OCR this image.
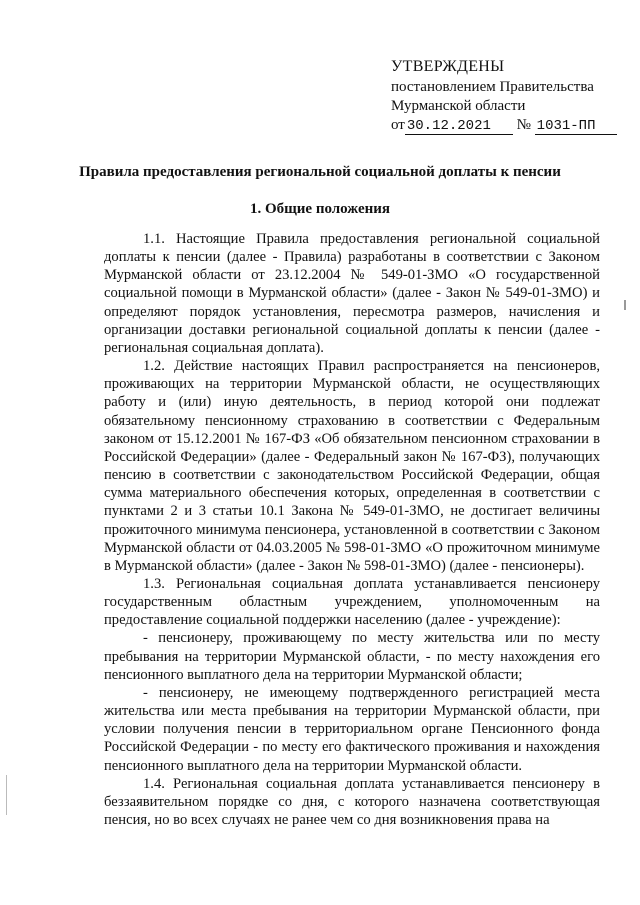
УТВЕРЖДЕНЫ
постановлением Правительства
Мурманской области
от 30.12.2021 № 1031-ПП
Правила предоставления региональной социальной доплаты к пенсии
1. Общие положения

1.1. Настоящие Правила предоставления региональной социальной доплаты к пенсии (далее - Правила) разработаны в соответствии с Законом Мурманской области от 23.12.2004 № 549-01-ЗМО «О государственной социальной помощи в Мурманской области» (далее - Закон № 549-01-ЗМО) и определяют порядок установления, пересмотра размеров, начисления и организации доставки региональной социальной доплаты к пенсии (далее - региональная социальная доплата).

1.2. Действие настоящих Правил распространяется на пенсионеров, проживающих на территории Мурманской области, не осуществляющих работу и (или) иную деятельность, в период которой они подлежат обязательному пенсионному страхованию в соответствии с Федеральным законом от 15.12.2001 № 167-ФЗ «Об обязательном пенсионном страховании в Российской Федерации» (далее - Федеральный закон № 167-ФЗ), получающих пенсию в соответствии с законодательством Российской Федерации, общая сумма материального обеспечения которых, определенная в соответствии с пунктами 2 и 3 статьи 10.1 Закона № 549-01-ЗМО, не достигает величины прожиточного минимума пенсионера, установленной в соответствии с Законом Мурманской области от 04.03.2005 № 598-01-ЗМО «О прожиточном минимуме в Мурманской области» (далее - Закон № 598-01-ЗМО) (далее - пенсионеры).

1.3. Региональная социальная доплата устанавливается пенсионеру государственным областным учреждением, уполномоченным на предоставление социальной поддержки населению (далее - учреждение):

- пенсионеру, проживающему по месту жительства или по месту пребывания на территории Мурманской области, - по месту нахождения его пенсионного выплатного дела на территории Мурманской области;

- пенсионеру, не имеющему подтвержденного регистрацией места жительства или места пребывания на территории Мурманской области, при условии получения пенсии в территориальном органе Пенсионного фонда Российской Федерации - по месту его фактического проживания и нахождения пенсионного выплатного дела на территории Мурманской области.

1.4. Региональная социальная доплата устанавливается пенсионеру в беззаявительном порядке со дня, с которого назначена соответствующая пенсия, но во всех случаях не ранее чем со дня возникновения права на
